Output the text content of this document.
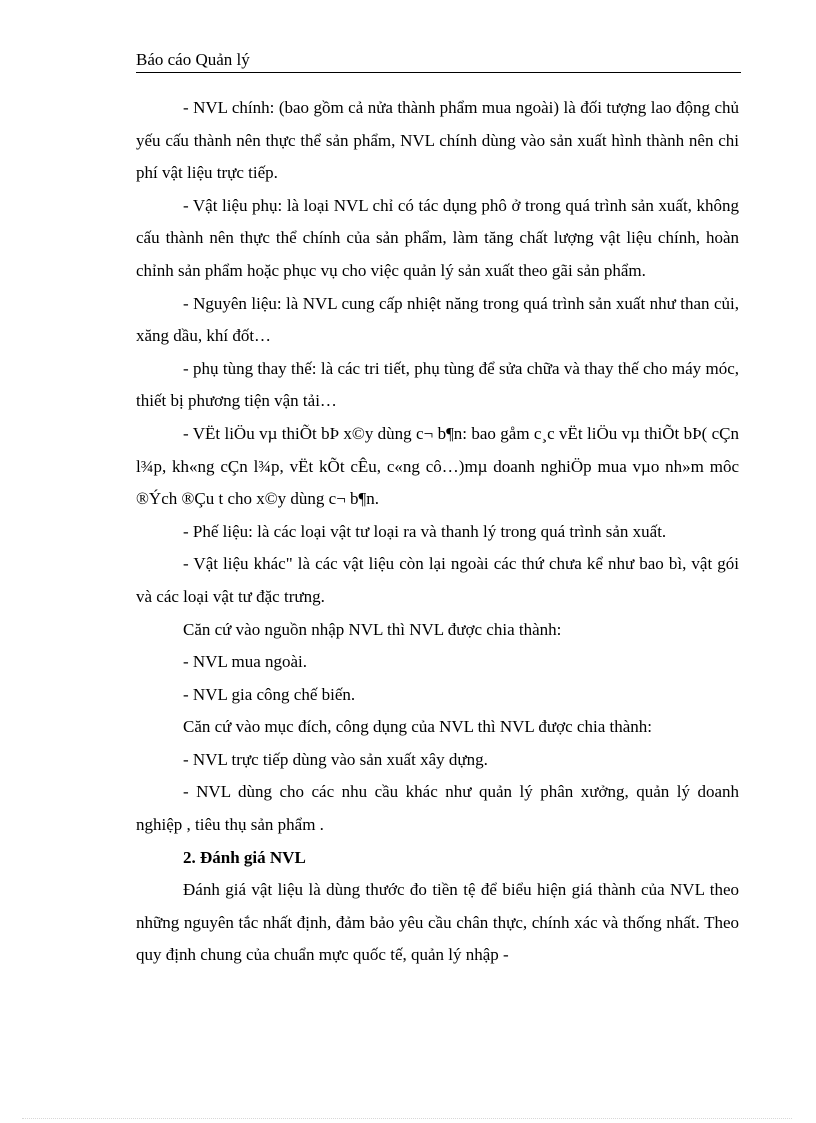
Báo cáo Quản lý

- NVL chính: (bao gồm cả nửa thành phẩm mua ngoài) là đối tượng lao động chủ yếu cấu thành nên thực thể sản phẩm, NVL chính dùng vào sản xuất hình thành nên chi phí vật liệu trực tiếp.

- Vật liệu phụ: là loại NVL chỉ có tác dụng phô ở trong quá trình sản xuất, không cấu thành nên thực thể chính của sản phẩm, làm tăng chất lượng vật liệu chính, hoàn chỉnh sản phẩm hoặc phục vụ cho việc quản lý sản xuất theo gãi sản phẩm.

- Nguyên liệu: là NVL cung cấp nhiệt năng trong quá trình sản xuất như than củi, xăng dầu, khí đốt…

- phụ tùng thay thế: là các tri tiết, phụ tùng để sửa chữa và thay thế cho máy móc, thiết bị phương tiện vận tải…

- VËt liÖu vµ thiÕt bÞ x©y dùng c¬ b¶n: bao gåm c¸c vËt liÖu vµ thiÕt bÞ( cÇn l¾p, kh«ng cÇn l¾p, vËt kÕt cÊu, c«ng cô…)mµ doanh nghiÖp mua vµo nh»m môc ®Ých ®Çu t cho x©y dùng c¬ b¶n.

- Phế liệu: là các loại vật tư loại ra và thanh lý trong quá trình sản xuất.

- Vật liệu khác" là các vật liệu còn lại ngoài các thứ chưa kể như bao bì, vật gói và các loại vật tư đặc trưng.

Căn cứ vào nguồn nhập NVL thì NVL được chia thành:

- NVL mua ngoài.

- NVL gia công chế biến.

Căn cứ vào mục đích, công dụng của NVL thì NVL được chia thành:

- NVL trực tiếp dùng vào sản xuất xây dựng.

- NVL dùng cho các nhu cầu khác như quản lý phân xưởng, quản lý doanh nghiệp , tiêu thụ sản phẩm .

2. Đánh giá NVL

Đánh giá vật liệu là dùng thước đo tiền tệ để biểu hiện giá thành của NVL theo những nguyên tắc nhất định, đảm bảo yêu cầu chân thực, chính xác và thống nhất. Theo quy định chung của chuẩn mực quốc tế, quản lý nhập -
